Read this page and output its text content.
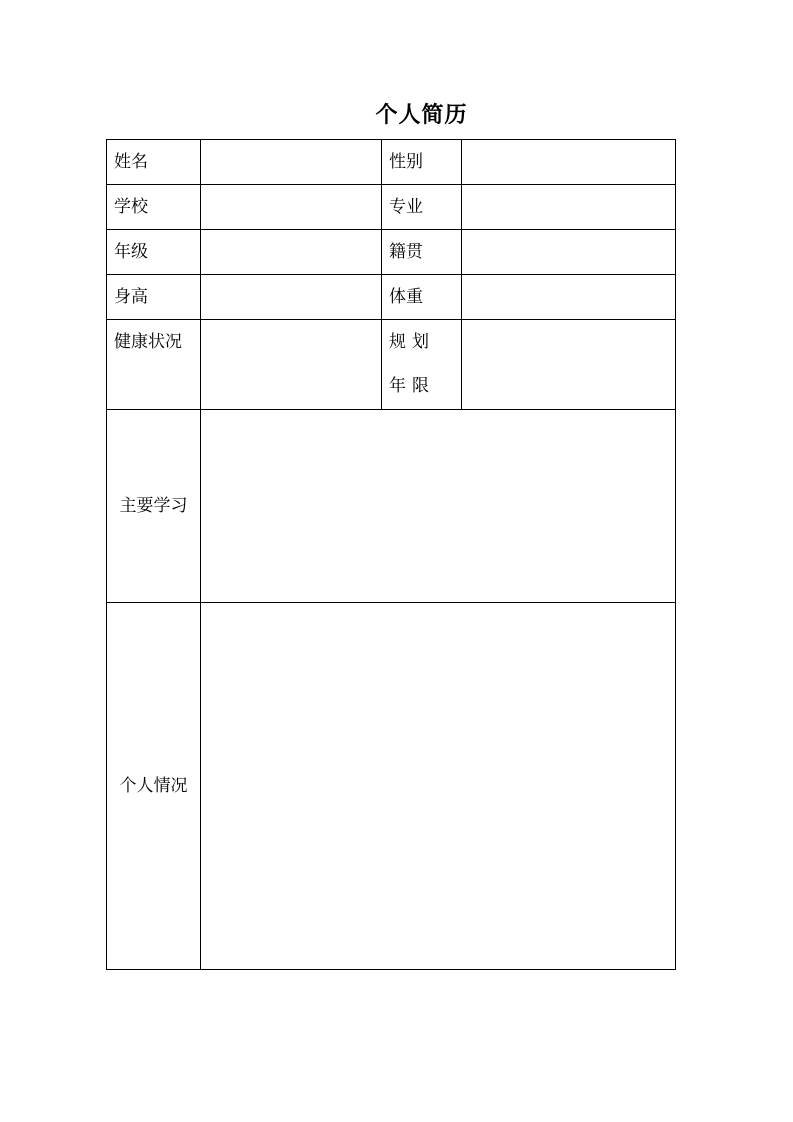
个人简历
姓名		性别	
学校		专业	
年级		籍贯	
身高		体重	
健康状况		规划年限	
主要学习			
个人情况			
